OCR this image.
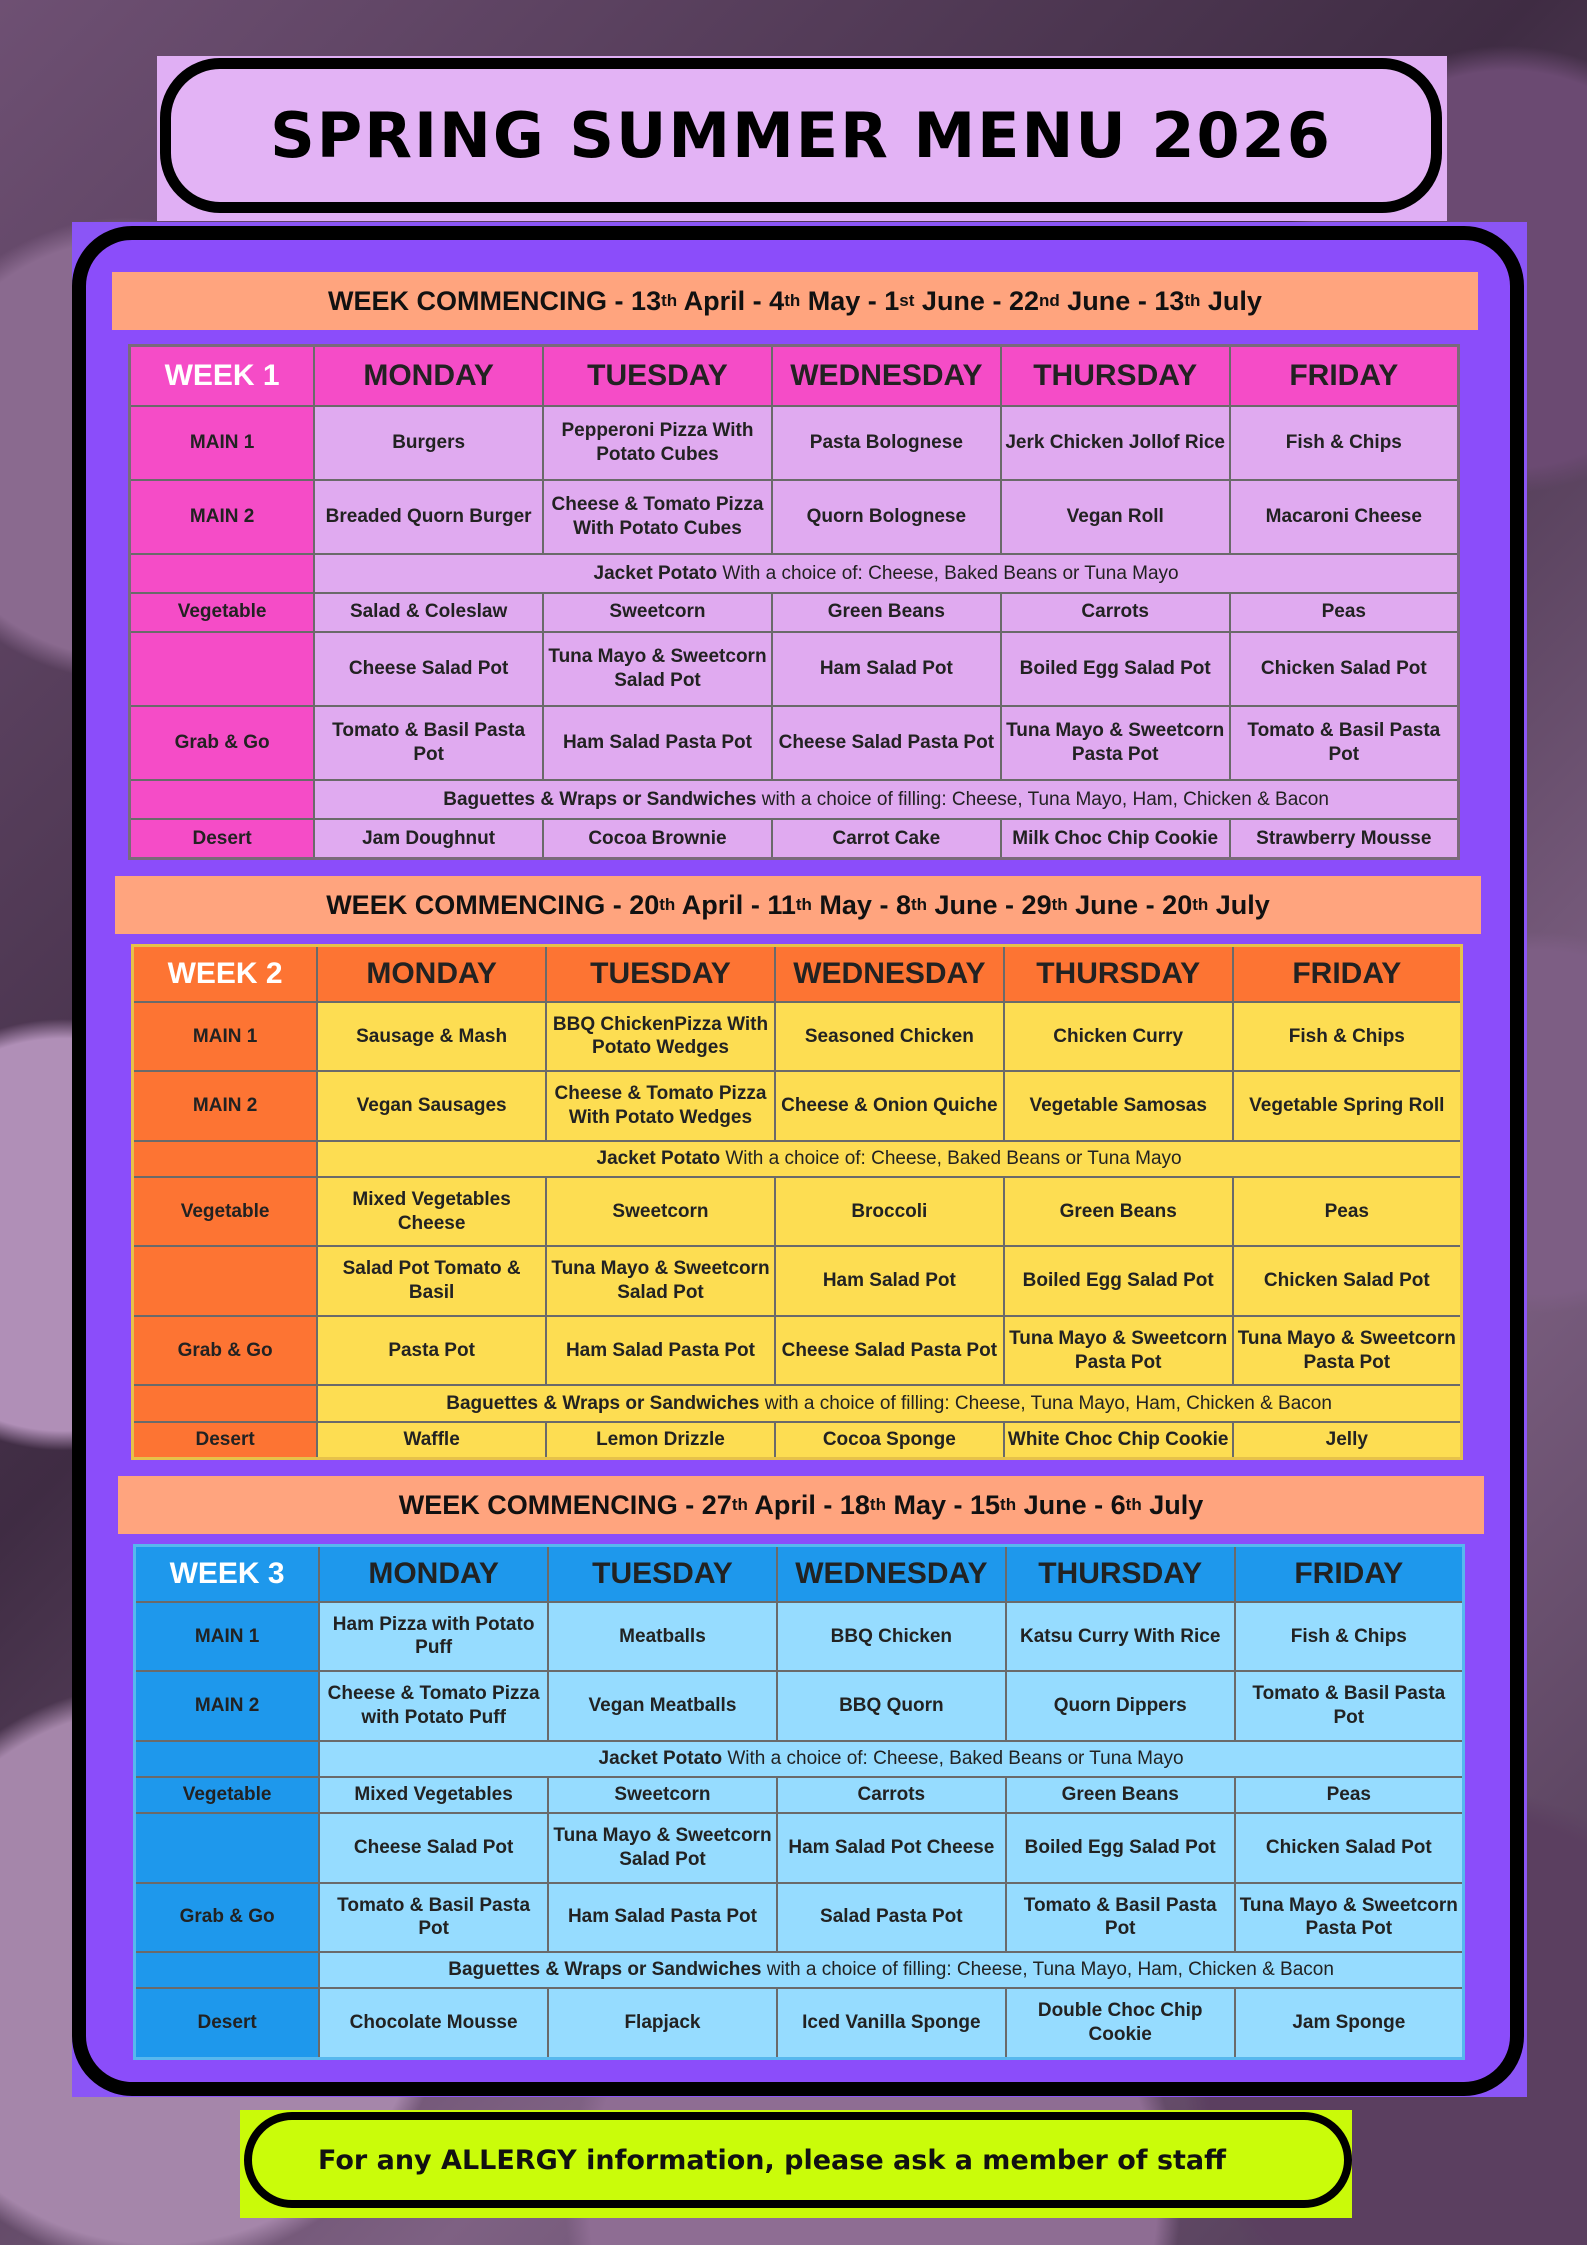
SPRING SUMMER MENU 2026
WEEK COMMENCING - 13 th April - 4 th May - 1 st June - 22 nd June - 13 th July
WEEK COMMENCING - 20 th April - 11 th May - 8 th June - 29 th June - 20 th July
WEEK COMMENCING - 27 th April - 18 th May - 15 th June - 6 th July
WEEK 1	MONDAY	TUESDAY	WEDNESDAY	THURSDAY	FRIDAY
MAIN 1	Burgers	Pepperoni Pizza With Potato Cubes	Pasta Bolognese	Jerk Chicken Jollof Rice	Fish & Chips
MAIN 2	Breaded Quorn Burger	Cheese & Tomato Pizza With Potato Cubes	Quorn Bolognese	Vegan Roll	Macaroni Cheese
	Jacket Potato With a choice of: Cheese, Baked Beans or Tuna Mayo				
Vegetable	Salad & Coleslaw	Sweetcorn	Green Beans	Carrots	Peas
	Cheese Salad Pot	Tuna Mayo & Sweetcorn Salad Pot	Ham Salad Pot	Boiled Egg Salad Pot	Chicken Salad Pot
Grab & Go	Tomato & Basil Pasta Pot	Ham Salad Pasta Pot	Cheese Salad Pasta Pot	Tuna Mayo & Sweetcorn Pasta Pot	Tomato & Basil Pasta Pot
	Baguettes & Wraps or Sandwiches with a choice of filling: Cheese, Tuna Mayo, Ham, Chicken & Bacon				
Desert	Jam Doughnut	Cocoa Brownie	Carrot Cake	Milk Choc Chip Cookie	Strawberry Mousse
WEEK 2	MONDAY	TUESDAY	WEDNESDAY	THURSDAY	FRIDAY
MAIN 1	Sausage & Mash	BBQ ChickenPizza With Potato Wedges	Seasoned Chicken	Chicken Curry	Fish & Chips
MAIN 2	Vegan Sausages	Cheese & Tomato Pizza With Potato Wedges	Cheese & Onion Quiche	Vegetable Samosas	Vegetable Spring Roll
	Jacket Potato With a choice of: Cheese, Baked Beans or Tuna Mayo				
Vegetable	Mixed Vegetables Cheese	Sweetcorn	Broccoli	Green Beans	Peas
	Salad Pot Tomato & Basil	Tuna Mayo & Sweetcorn Salad Pot	Ham Salad Pot	Boiled Egg Salad Pot	Chicken Salad Pot
Grab & Go	Pasta Pot	Ham Salad Pasta Pot	Cheese Salad Pasta Pot	Tuna Mayo & Sweetcorn Pasta Pot	Tuna Mayo & Sweetcorn Pasta Pot
	Baguettes & Wraps or Sandwiches with a choice of filling: Cheese, Tuna Mayo, Ham, Chicken & Bacon				
Desert	Waffle	Lemon Drizzle	Cocoa Sponge	White Choc Chip Cookie	Jelly
WEEK 3	MONDAY	TUESDAY	WEDNESDAY	THURSDAY	FRIDAY
MAIN 1	Ham Pizza with Potato Puff	Meatballs	BBQ Chicken	Katsu Curry With Rice	Fish & Chips
MAIN 2	Cheese & Tomato Pizza with Potato Puff	Vegan Meatballs	BBQ Quorn	Quorn Dippers	Tomato & Basil Pasta Pot
	Jacket Potato With a choice of: Cheese, Baked Beans or Tuna Mayo				
Vegetable	Mixed Vegetables	Sweetcorn	Carrots	Green Beans	Peas
	Cheese Salad Pot	Tuna Mayo & Sweetcorn Salad Pot	Ham Salad Pot Cheese	Boiled Egg Salad Pot	Chicken Salad Pot
Grab & Go	Tomato & Basil Pasta Pot	Ham Salad Pasta Pot	Salad Pasta Pot	Tomato & Basil Pasta Pot	Tuna Mayo & Sweetcorn Pasta Pot
	Baguettes & Wraps or Sandwiches with a choice of filling: Cheese, Tuna Mayo, Ham, Chicken & Bacon				
Desert	Chocolate Mousse	Flapjack	Iced Vanilla Sponge	Double Choc Chip Cookie	Jam Sponge
For any ALLERGY information, please ask a member of staff
